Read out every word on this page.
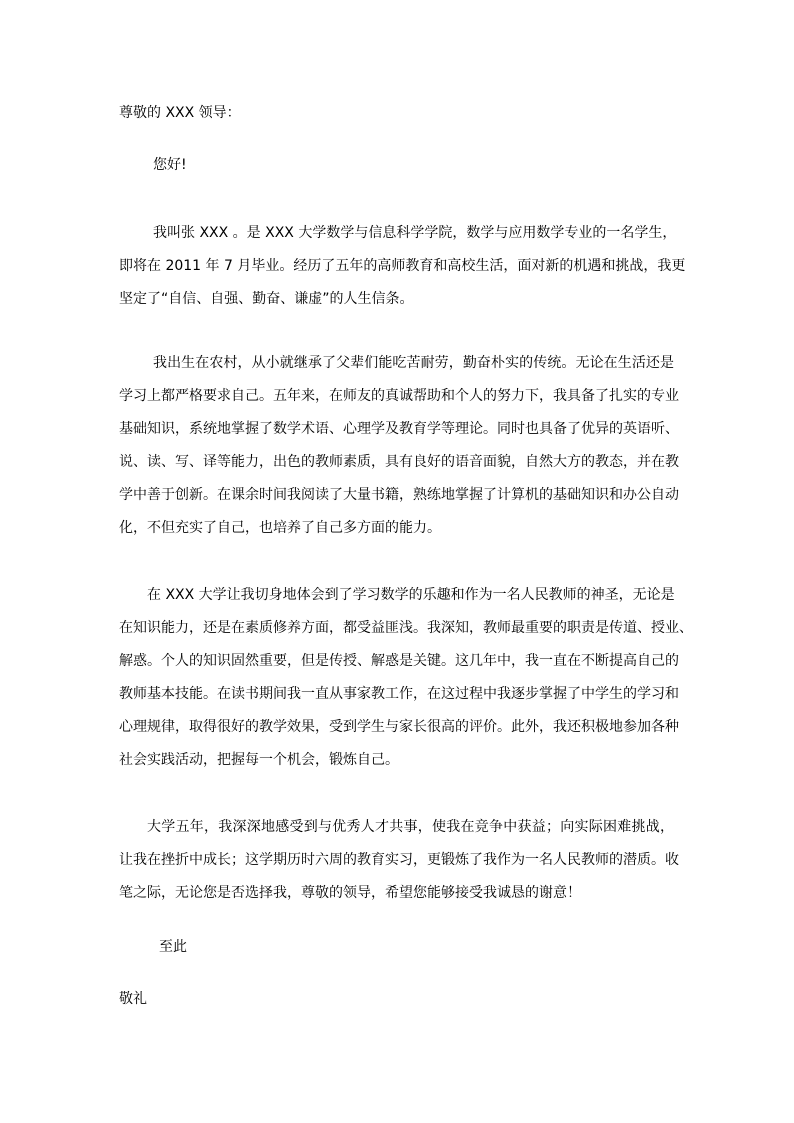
尊敬的 XXX 领导：

您好!

我叫张 XXX 。是 XXX 大学数学与信息科学学院，数学与应用数学专业的一名学生，

即将在 2011 年 7 月毕业。经历了五年的高师教育和高校生活，面对新的机遇和挑战，我更

坚定了“自信、自强、勤奋、谦虚”的人生信条。

我出生在农村，从小就继承了父辈们能吃苦耐劳，勤奋朴实的传统。无论在生活还是

学习上都严格要求自己。五年来，在师友的真诚帮助和个人的努力下，我具备了扎实的专业

基础知识，系统地掌握了数学术语、心理学及教育学等理论。同时也具备了优异的英语听、

说、读、写、译等能力，出色的教师素质，具有良好的语音面貌，自然大方的教态，并在教

学中善于创新。在课余时间我阅读了大量书籍，熟练地掌握了计算机的基础知识和办公自动

化，不但充实了自己，也培养了自己多方面的能力。

在 XXX 大学让我切身地体会到了学习数学的乐趣和作为一名人民教师的神圣，无论是

在知识能力，还是在素质修养方面，都受益匪浅。我深知，教师最重要的职责是传道、授业、

解惑。个人的知识固然重要，但是传授、解惑是关键。这几年中，我一直在不断提高自己的

教师基本技能。在读书期间我一直从事家教工作，在这过程中我逐步掌握了中学生的学习和

心理规律，取得很好的教学效果，受到学生与家长很高的评价。此外，我还积极地参加各种

社会实践活动，把握每一个机会，锻炼自己。

大学五年，我深深地感受到与优秀人才共事，使我在竞争中获益；向实际困难挑战，

让我在挫折中成长；这学期历时六周的教育实习，更锻炼了我作为一名人民教师的潜质。收

笔之际，无论您是否选择我，尊敬的领导，希望您能够接受我诚恳的谢意！

至此

敬礼
